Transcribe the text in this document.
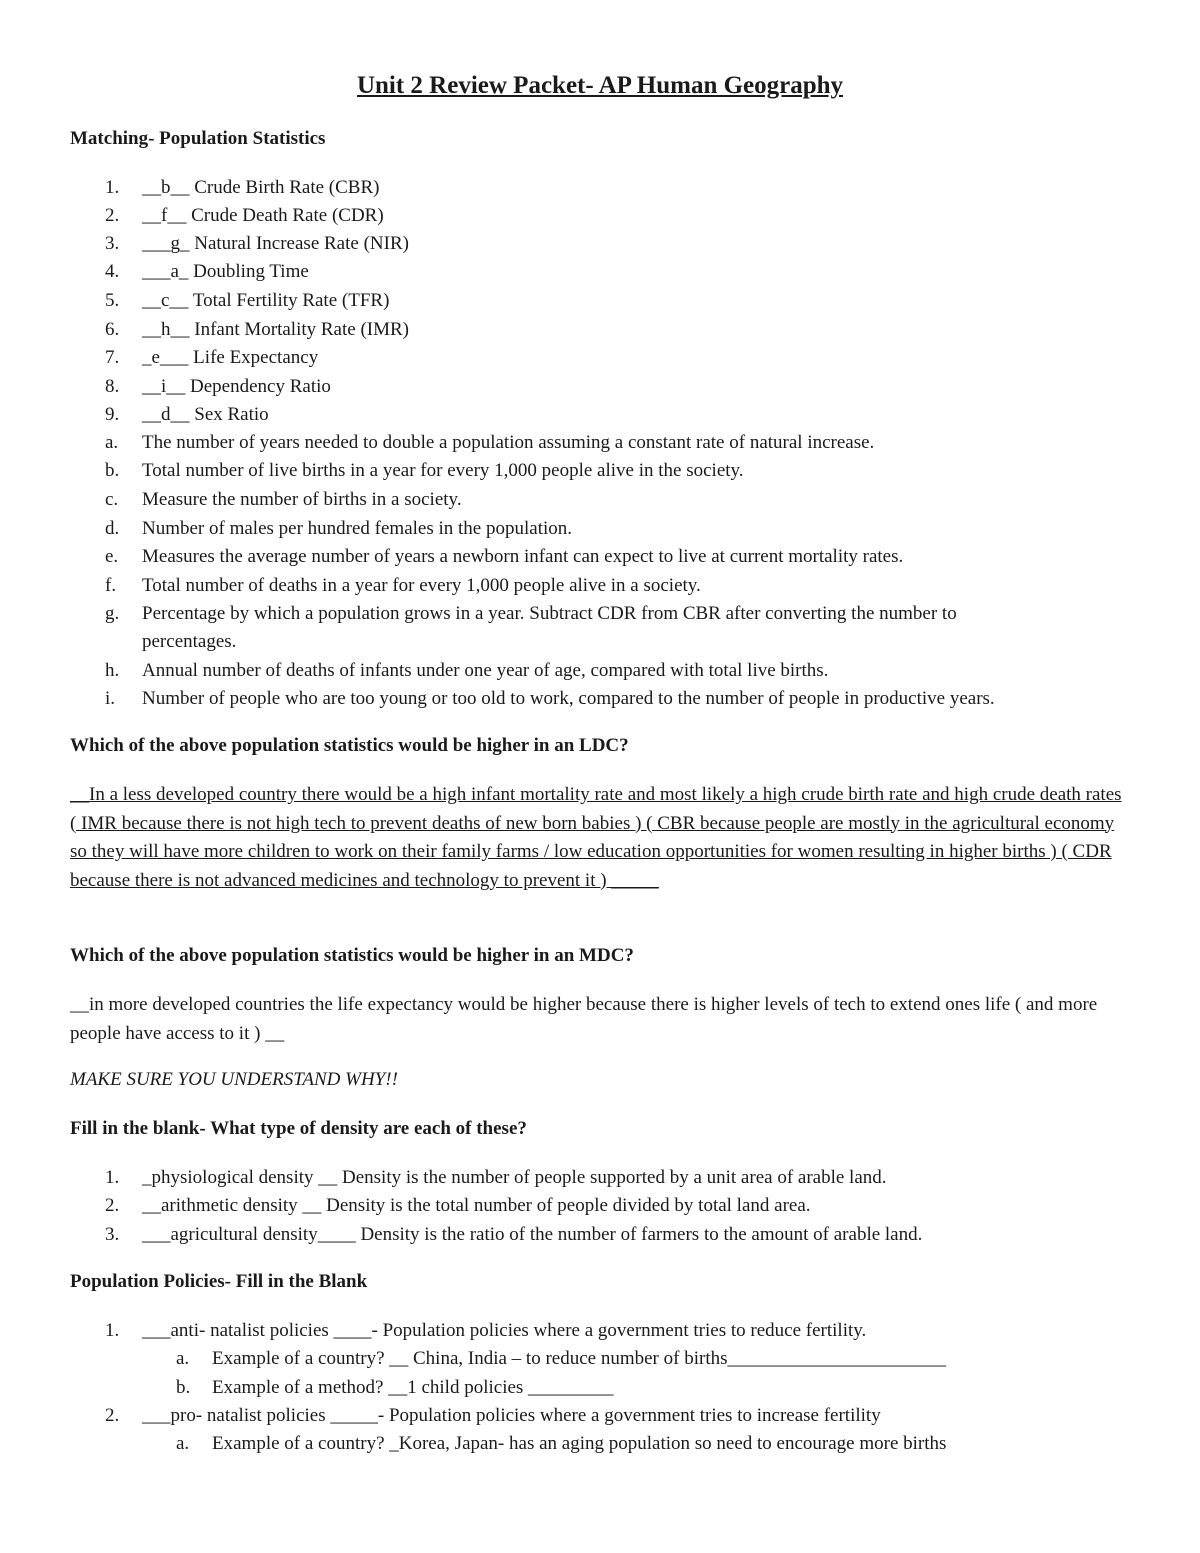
Unit 2 Review Packet- AP Human Geography
Matching- Population Statistics
1. __b__ Crude Birth Rate (CBR)
2. __f__ Crude Death Rate (CDR)
3. ___g_ Natural Increase Rate (NIR)
4. ___a_ Doubling Time
5. __c__ Total Fertility Rate (TFR)
6. __h__ Infant Mortality Rate (IMR)
7. _e___ Life Expectancy
8. __i__ Dependency Ratio
9. __d__ Sex Ratio
a. The number of years needed to double a population assuming a constant rate of natural increase.
b. Total number of live births in a year for every 1,000 people alive in the society.
c. Measure the number of births in a society.
d. Number of males per hundred females in the population.
e. Measures the average number of years a newborn infant can expect to live at current mortality rates.
f. Total number of deaths in a year for every 1,000 people alive in a society.
g. Percentage by which a population grows in a year. Subtract CDR from CBR after converting the number to
percentages.
h. Annual number of deaths of infants under one year of age, compared with total live births.
i. Number of people who are too young or too old to work, compared to the number of people in productive years.
Which of the above population statistics would be higher in an LDC?
__In a less developed country there would be a high infant mortality rate and most likely a high crude birth rate and high crude death rates ( IMR because there is not high tech to prevent deaths of new born babies ) ( CBR because people are mostly in the agricultural economy so they will have more children to work on their family farms / low education opportunities for women resulting in higher births ) ( CDR because there is not advanced medicines and technology to prevent it ) _____
Which of the above population statistics would be higher in an MDC?
__in more developed countries the life expectancy would be higher because there is higher levels of tech to extend ones life ( and more people have access to it ) __
MAKE SURE YOU UNDERSTAND WHY!!
Fill in the blank- What type of density are each of these?
1. _physiological density __ Density is the number of people supported by a unit area of arable land.
2. __arithmetic density __ Density is the total number of people divided by total land area.
3. ___agricultural density____ Density is the ratio of the number of farmers to the amount of arable land.
Population Policies- Fill in the Blank
1. ___anti- natalist policies ____- Population policies where a government tries to reduce fertility.
a. Example of a country? __ China, India – to reduce number of births_______________________
b. Example of a method? __1 child policies _________
2. ___pro- natalist policies _____- Population policies where a government tries to increase fertility
a. Example of a country? _Korea, Japan- has an aging population so need to encourage more births
